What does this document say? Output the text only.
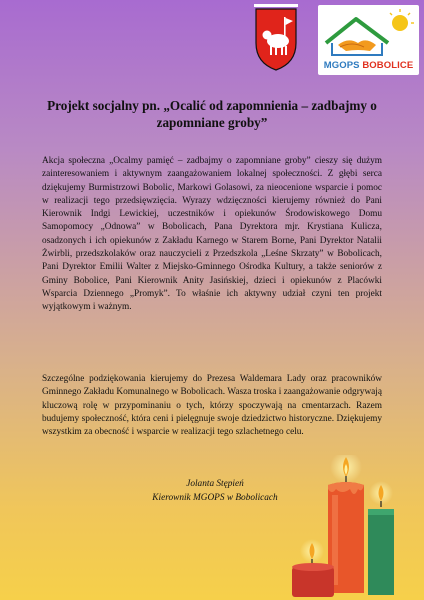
MGOPS BOBOLICE
Projekt socjalny pn. „Ocalić od zapomnienia – zadbajmy o zapomniane groby”
Akcja społeczna „Ocalmy pamięć – zadbajmy o zapomniane groby” cieszy się dużym zainteresowaniem i aktywnym zaangażowaniem lokalnej społeczności. Z głębi serca dziękujemy Burmistrzowi Bobolic, Markowi Golasowi, za nieocenione wsparcie i pomoc w realizacji tego przedsięwzięcia. Wyrazy wdzięczności kierujemy również do Pani Kierownik Indgi Lewickiej, uczestników i opiekunów Środowiskowego Domu Samopomocy „Odnowa” w Bobolicach, Pana Dyrektora mjr. Krystiana Kulicza, osadzonych i ich opiekunów z Zakładu Karnego w Starem Borne, Pani Dyrektor Natalii Żwirbli, przedszkolaków oraz nauczycieli z Przedszkola „Leśne Skrzaty” w Bobolicach, Pani Dyrektor Emilii Walter z Miejsko-Gminnego Ośrodka Kultury, a także seniorów z Gminy Bobolice, Pani Kierownik Anity Jasińskiej, dzieci i opiekunów z Placówki Wsparcia Dziennego „Promyk”. To właśnie ich aktywny udział czyni ten projekt wyjątkowym i ważnym.
Szczególne podziękowania kierujemy do Prezesa Waldemara Lady oraz pracowników Gminnego Zakładu Komunalnego w Bobolicach. Wasza troska i zaangażowanie odgrywają kluczową rolę w przypominaniu o tych, którzy spoczywają na cmentarzach. Razem budujemy społeczność, która ceni i pielęgnuje swoje dziedzictwo historyczne. Dziękujemy wszystkim za obecność i wsparcie w realizacji tego szlachetnego celu.
Jolanta Stępień
Kierownik MGOPS w Bobolicach
